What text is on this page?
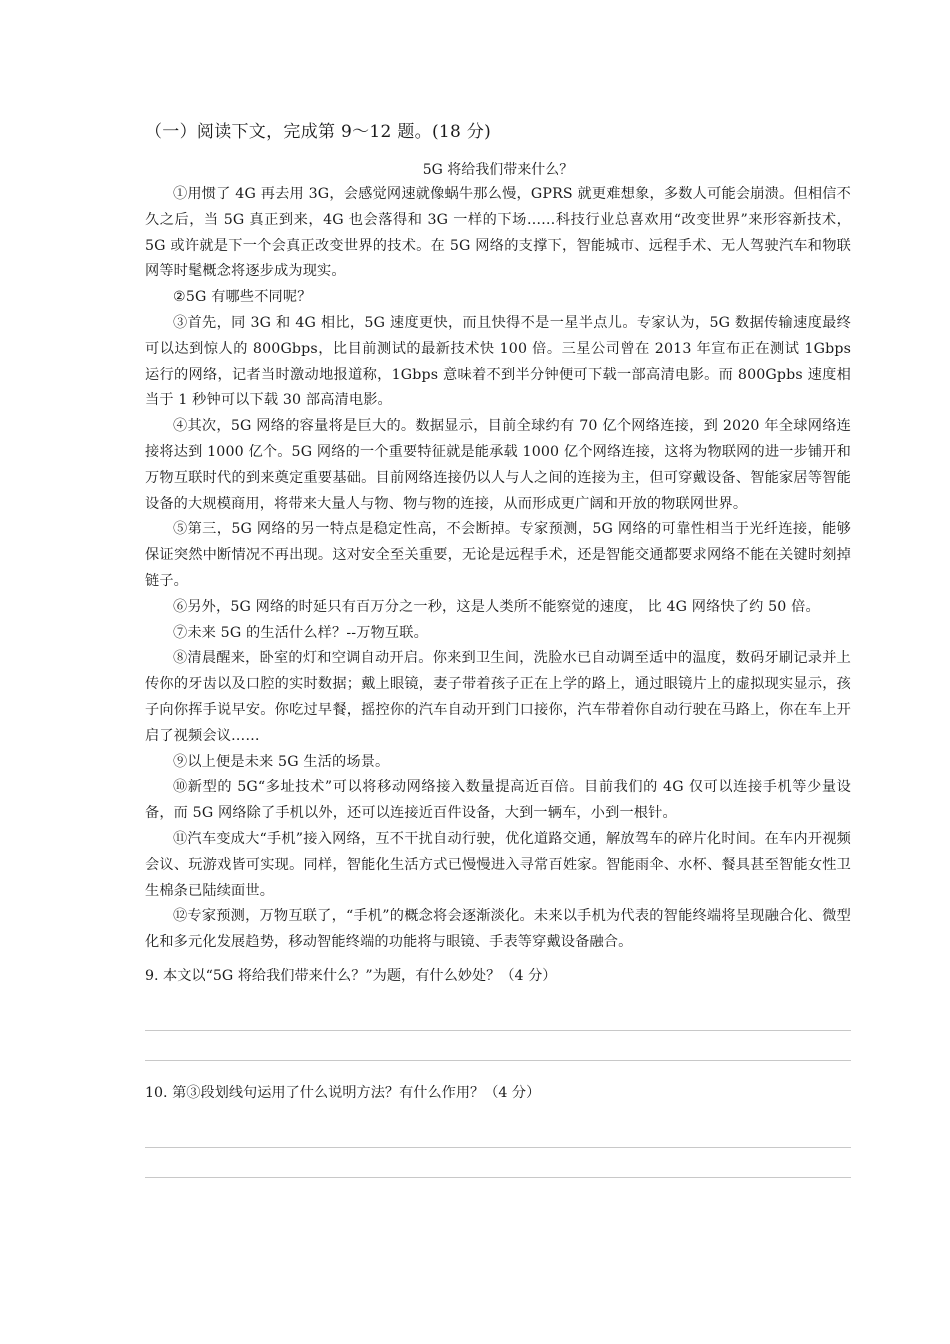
（一）阅读下文，完成第 9～12 题。(18 分)

5G 将给我们带来什么？

①用惯了 4G 再去用 3G，会感觉网速就像蜗牛那么慢，GPRS 就更难想象，多数人可能会崩溃。但相信不久之后，当 5G 真正到来，4G 也会落得和 3G 一样的下场……科技行业总喜欢用“改变世界”来形容新技术，5G 或许就是下一个会真正改变世界的技术。在 5G 网络的支撑下，智能城市、远程手术、无人驾驶汽车和物联网等时髦概念将逐步成为现实。

②5G 有哪些不同呢？

③首先，同 3G 和 4G 相比，5G 速度更快，而且快得不是一星半点儿。专家认为，5G 数据传输速度最终可以达到惊人的 800Gbps，比目前测试的最新技术快 100 倍。三星公司曾在 2013 年宣布正在测试 1Gbps 运行的网络，记者当时激动地报道称，1Gbps 意味着不到半分钟便可下载一部高清电影。而 800Gpbs 速度相当于 1 秒钟可以下载 30 部高清电影。

④其次，5G 网络的容量将是巨大的。数据显示，目前全球约有 70 亿个网络连接，到 2020 年全球网络连接将达到 1000 亿个。5G 网络的一个重要特征就是能承载 1000 亿个网络连接，这将为物联网的进一步铺开和万物互联时代的到来奠定重要基础。目前网络连接仍以人与人之间的连接为主，但可穿戴设备、智能家居等智能设备的大规模商用，将带来大量人与物、物与物的连接，从而形成更广阔和开放的物联网世界。

⑤第三，5G 网络的另一特点是稳定性高，不会断掉。专家预测，5G 网络的可靠性相当于光纤连接，能够保证突然中断情况不再出现。这对安全至关重要，无论是远程手术，还是智能交通都要求网络不能在关键时刻掉链子。

⑥另外，5G 网络的时延只有百万分之一秒，这是人类所不能察觉的速度， 比 4G 网络快了约 50 倍。

⑦未来 5G 的生活什么样？--万物互联。

⑧清晨醒来，卧室的灯和空调自动开启。你来到卫生间，洗脸水已自动调至适中的温度，数码牙刷记录并上传你的牙齿以及口腔的实时数据；戴上眼镜，妻子带着孩子正在上学的路上，通过眼镜片上的虚拟现实显示，孩子向你挥手说早安。你吃过早餐，摇控你的汽车自动开到门口接你，汽车带着你自动行驶在马路上，你在车上开启了视频会议……

⑨以上便是未来 5G 生活的场景。

⑩新型的 5G“多址技术”可以将移动网络接入数量提高近百倍。目前我们的 4G 仅可以连接手机等少量设备，而 5G 网络除了手机以外，还可以连接近百件设备，大到一辆车，小到一根针。

⑪汽车变成大“手机”接入网络，互不干扰自动行驶，优化道路交通，解放驾车的碎片化时间。在车内开视频会议、玩游戏皆可实现。同样，智能化生活方式已慢慢进入寻常百姓家。智能雨伞、水杯、餐具甚至智能女性卫生棉条已陆续面世。

⑫专家预测，万物互联了，“手机”的概念将会逐渐淡化。未来以手机为代表的智能终端将呈现融合化、微型化和多元化发展趋势，移动智能终端的功能将与眼镜、手表等穿戴设备融合。

9. 本文以“5G 将给我们带来什么？”为题，有什么妙处？（4 分）

10. 第③段划线句运用了什么说明方法？有什么作用？（4 分）
